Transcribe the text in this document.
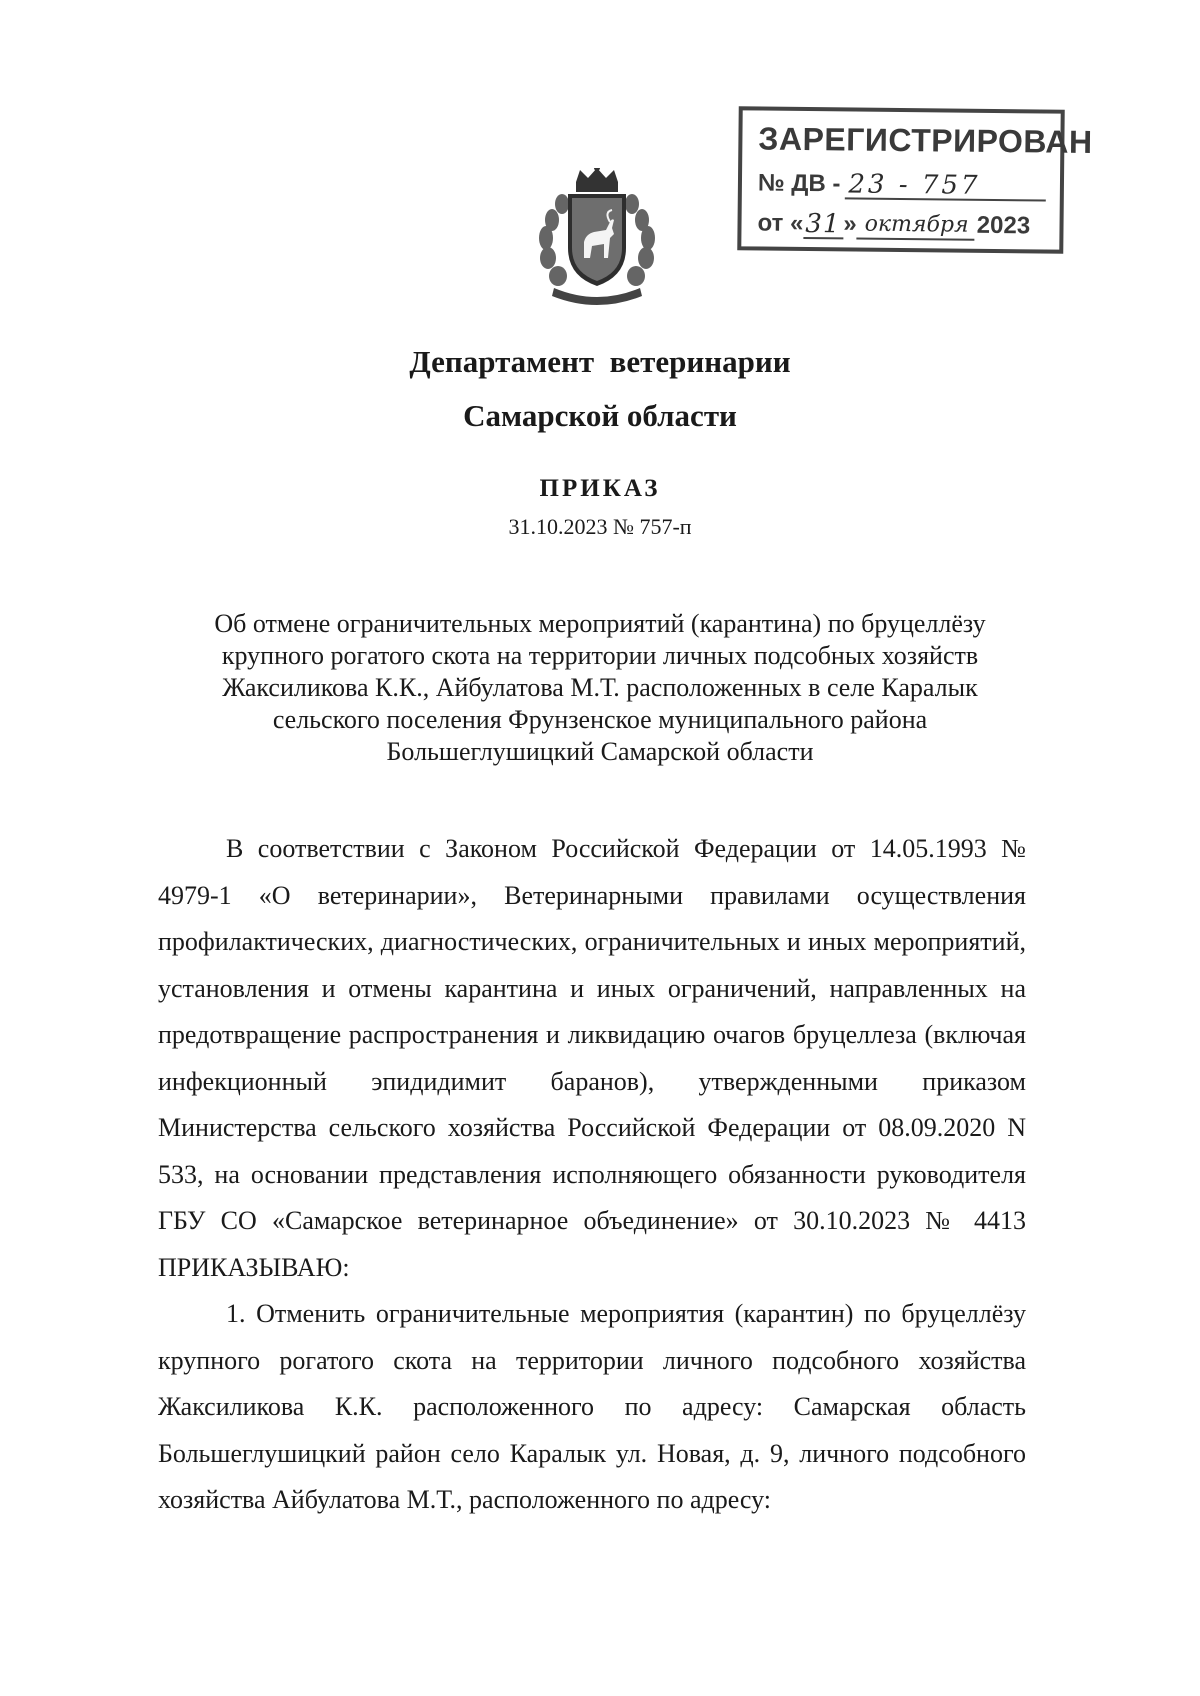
ЗАРЕГИСТРИРОВАН
№ ДВ - 23 - 757
от « 31 » октября 2023

Департамент  ветеринарии

Самарской области

ПРИКАЗ
31.10.2023 № 757-п
Об отмене ограничительных мероприятий (карантина) по бруцеллёзу
крупного рогатого скота на территории личных подсобных хозяйств
Жаксиликова К.К., Айбулатова М.Т. расположенных в селе Каралык
сельского поселения Фрунзенское муниципального района
Большеглушицкий Самарской области

В соответствии с Законом Российской Федерации от 14.05.1993 № 4979-1 «О ветеринарии», Ветеринарными правилами осуществления профилактических, диагностических, ограничительных и иных мероприятий, установления и отмены карантина и иных ограничений, направленных на предотвращение распространения и ликвидацию очагов бруцеллеза (включая инфекционный эпидидимит баранов), утвержденными приказом Министерства сельского хозяйства Российской Федерации от 08.09.2020 N 533, на основании представления исполняющего обязанности руководителя ГБУ СО «Самарское ветеринарное объединение» от 30.10.2023 № 4413 ПРИКАЗЫВАЮ:

1. Отменить ограничительные мероприятия (карантин) по бруцеллёзу крупного рогатого скота на территории личного подсобного хозяйства Жаксиликова К.К. расположенного по адресу: Самарская область Большеглушицкий район село Каралык ул. Новая, д. 9, личного подсобного хозяйства Айбулатова М.Т., расположенного по адресу:
